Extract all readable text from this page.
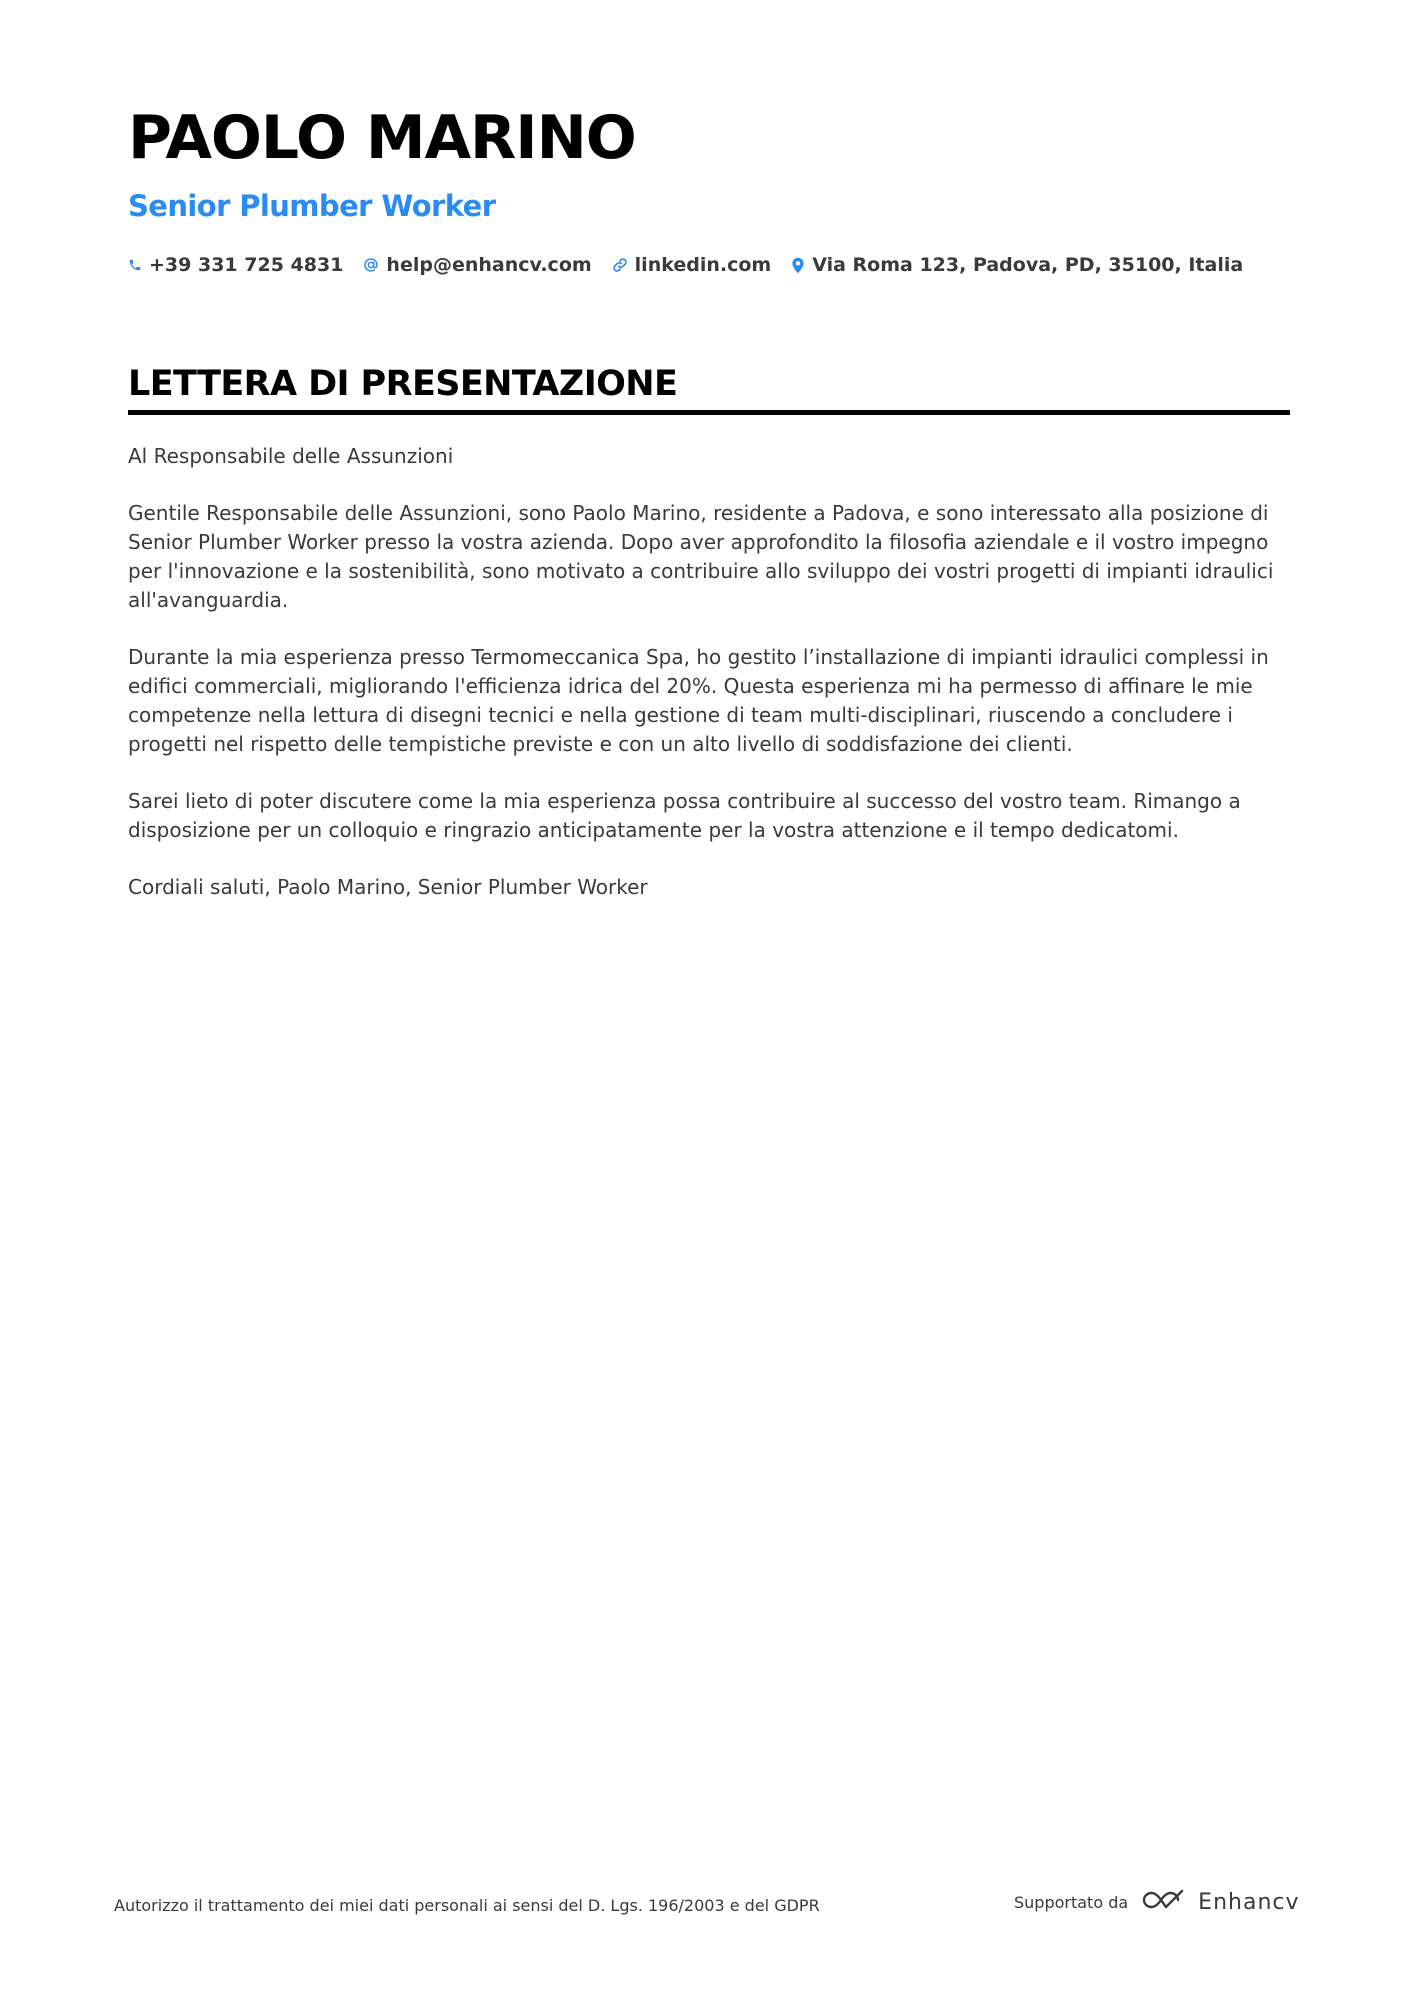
PAOLO MARINO
Senior Plumber Worker
+39 331 725 4831 help@enhancv.com linkedin.com Via Roma 123, Padova, PD, 35100, Italia
LETTERA DI PRESENTAZIONE

Al Responsabile delle Assunzioni

Gentile Responsabile delle Assunzioni, sono Paolo Marino, residente a Padova, e sono interessato alla posizione di Senior Plumber Worker presso la vostra azienda. Dopo aver approfondito la filosofia aziendale e il vostro impegno per l'innovazione e la sostenibilità, sono motivato a contribuire allo sviluppo dei vostri progetti di impianti idraulici all'avanguardia.

Durante la mia esperienza presso Termomeccanica Spa, ho gestito l’installazione di impianti idraulici complessi in edifici commerciali, migliorando l'efficienza idrica del 20%. Questa esperienza mi ha permesso di affinare le mie competenze nella lettura di disegni tecnici e nella gestione di team multi-disciplinari, riuscendo a concludere i progetti nel rispetto delle tempistiche previste e con un alto livello di soddisfazione dei clienti.

Sarei lieto di poter discutere come la mia esperienza possa contribuire al successo del vostro team. Rimango a disposizione per un colloquio e ringrazio anticipatamente per la vostra attenzione e il tempo dedicatomi.

Cordiali saluti, Paolo Marino, Senior Plumber Worker

Autorizzo il trattamento dei miei dati personali ai sensi del D. Lgs. 196/2003 e del GDPR	Supportato da	Enhancv
